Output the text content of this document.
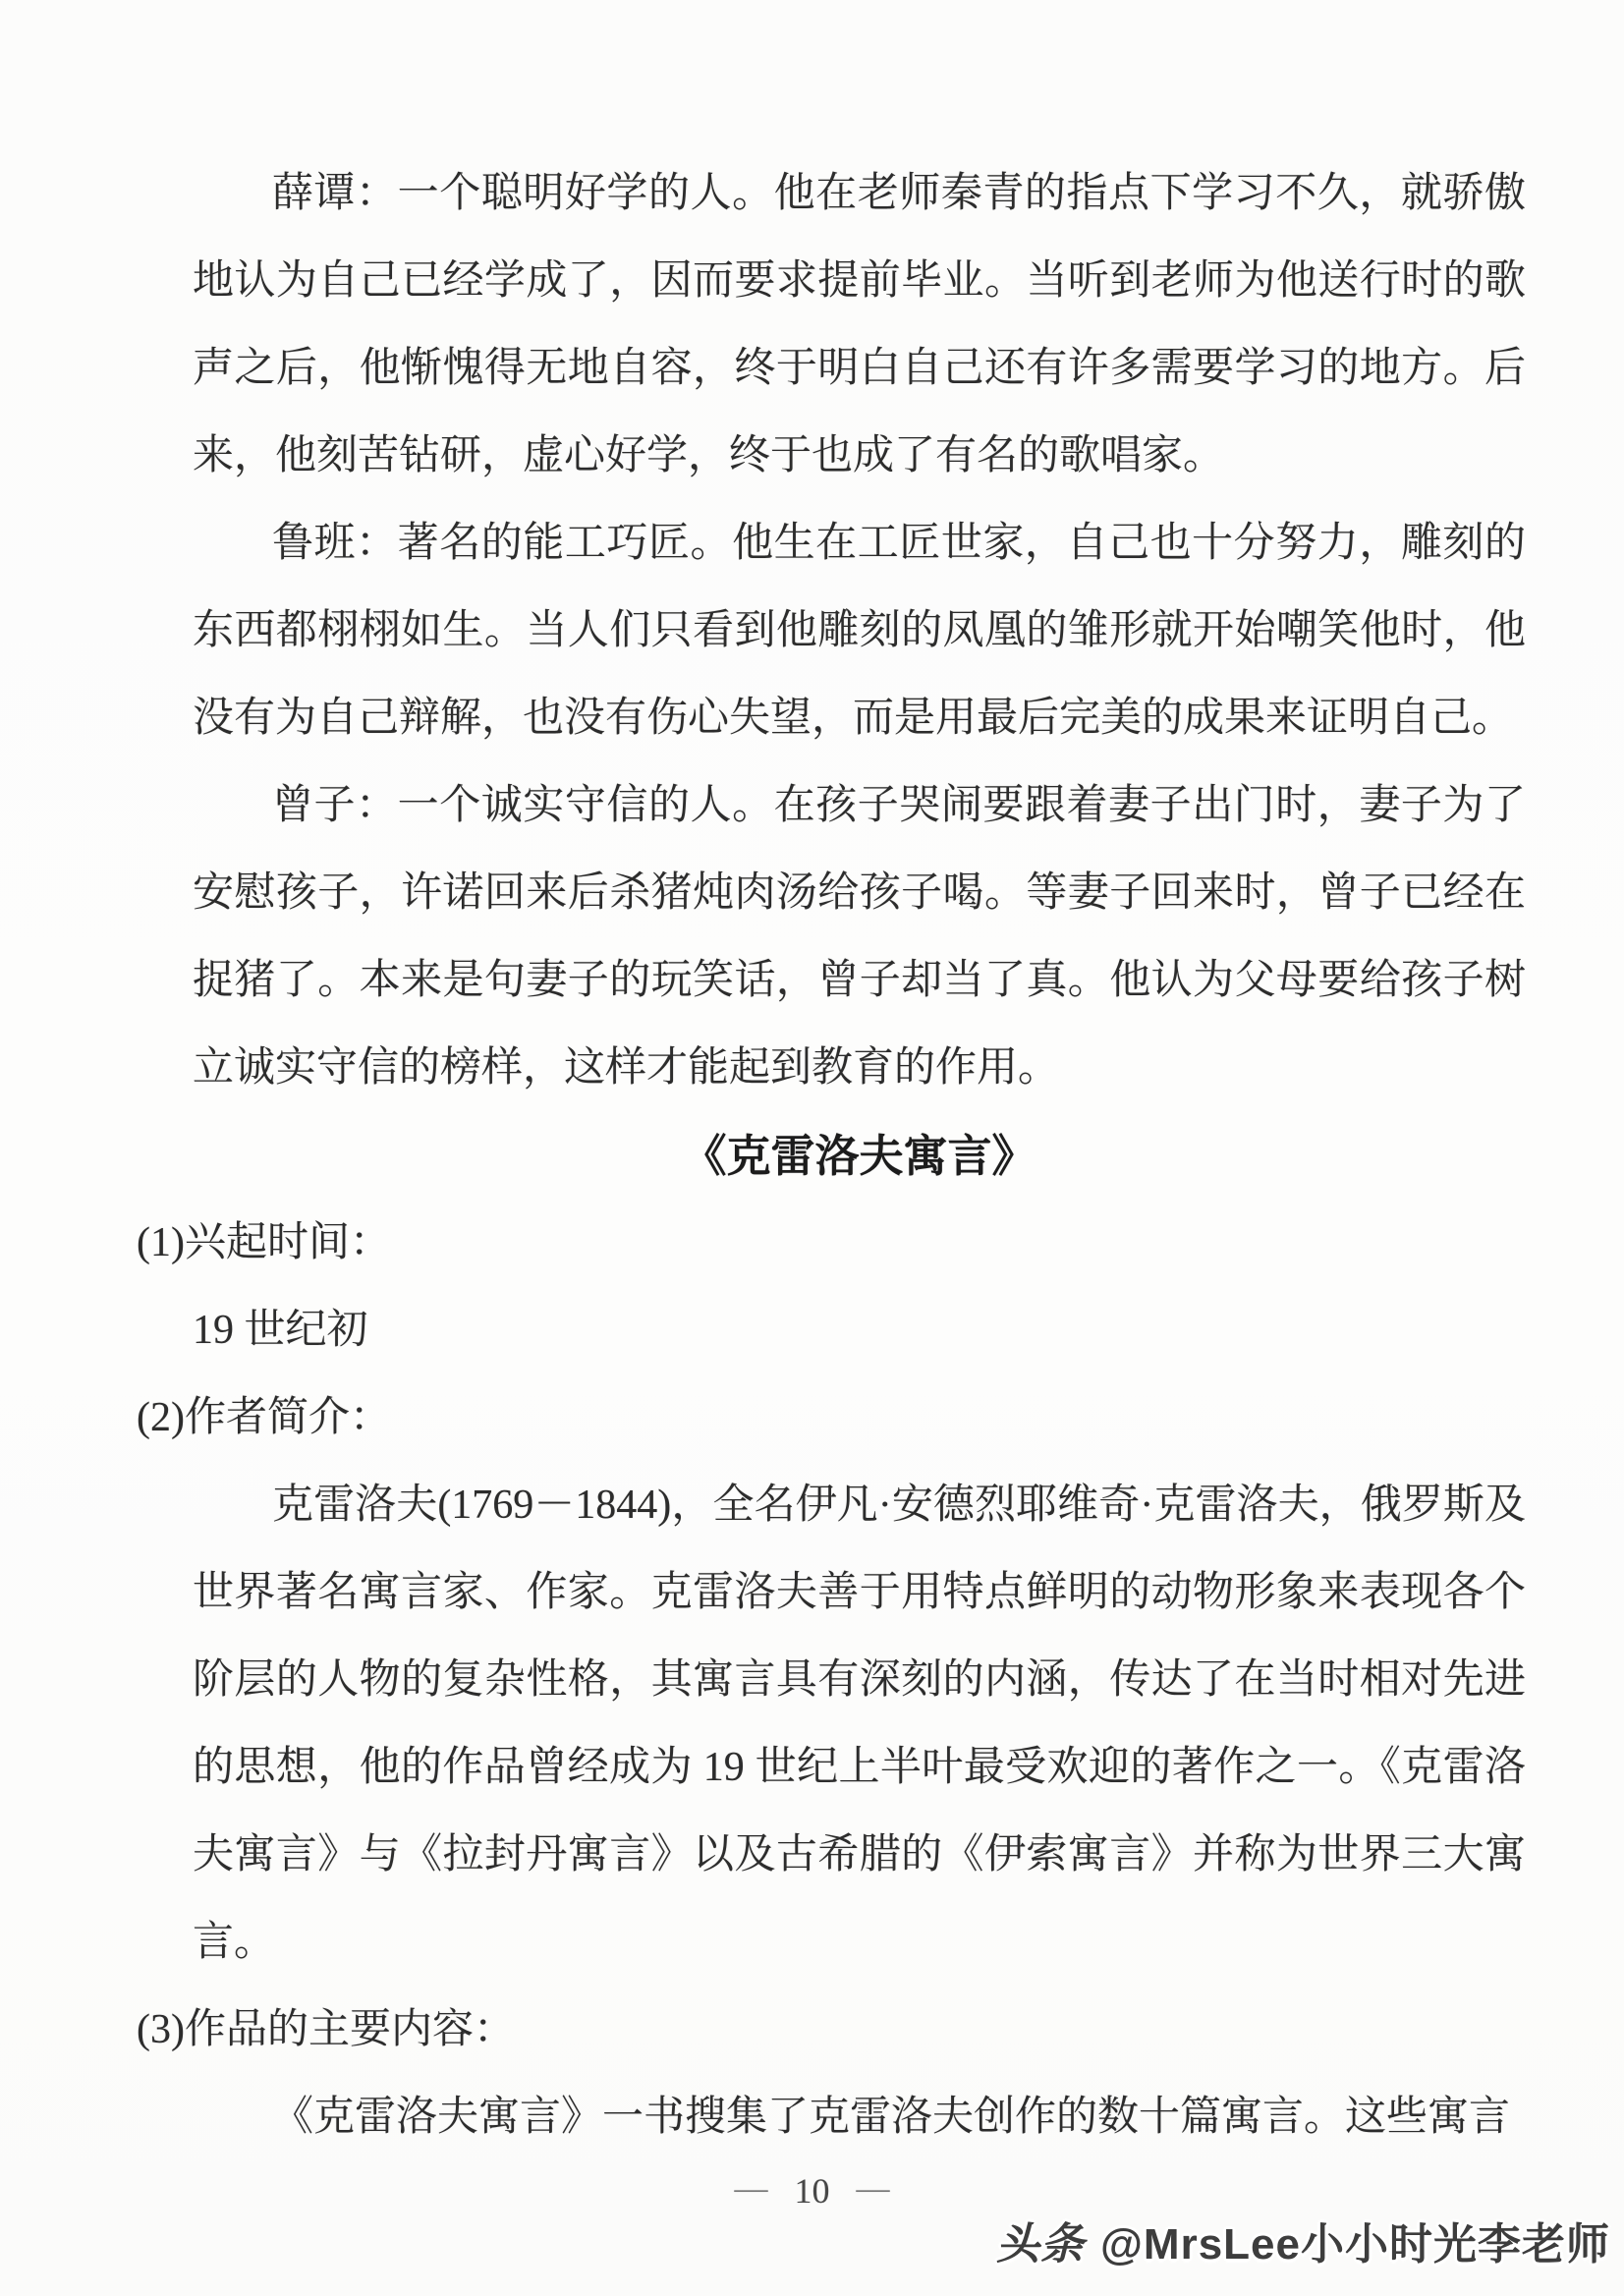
薛谭：一个聪明好学的人。他在老师秦青的指点下学习不久，就骄傲地认为自己已经学成了，因而要求提前毕业。当听到老师为他送行时的歌声之后，他惭愧得无地自容，终于明白自己还有许多需要学习的地方。后来，他刻苦钻研，虚心好学，终于也成了有名的歌唱家。

鲁班：著名的能工巧匠。他生在工匠世家，自己也十分努力，雕刻的东西都栩栩如生。当人们只看到他雕刻的凤凰的雏形就开始嘲笑他时，他没有为自己辩解，也没有伤心失望，而是用最后完美的成果来证明自己。

曾子：一个诚实守信的人。在孩子哭闹要跟着妻子出门时，妻子为了安慰孩子，许诺回来后杀猪炖肉汤给孩子喝。等妻子回来时，曾子已经在捉猪了。本来是句妻子的玩笑话，曾子却当了真。他认为父母要给孩子树立诚实守信的榜样，这样才能起到教育的作用。

《克雷洛夫寓言》

(1)兴起时间：

19 世纪初

(2)作者简介：

克雷洛夫(1769－1844)，全名伊凡·安德烈耶维奇·克雷洛夫，俄罗斯及世界著名寓言家、作家。克雷洛夫善于用特点鲜明的动物形象来表现各个阶层的人物的复杂性格，其寓言具有深刻的内涵，传达了在当时相对先进的思想，他的作品曾经成为 19 世纪上半叶最受欢迎的著作之一。《克雷洛夫寓言》与《拉封丹寓言》以及古希腊的《伊索寓言》并称为世界三大寓言。

(3)作品的主要内容：

《克雷洛夫寓言》一书搜集了克雷洛夫创作的数十篇寓言。这些寓言

— 10 —
头条 @MrsLee小小时光李老师
